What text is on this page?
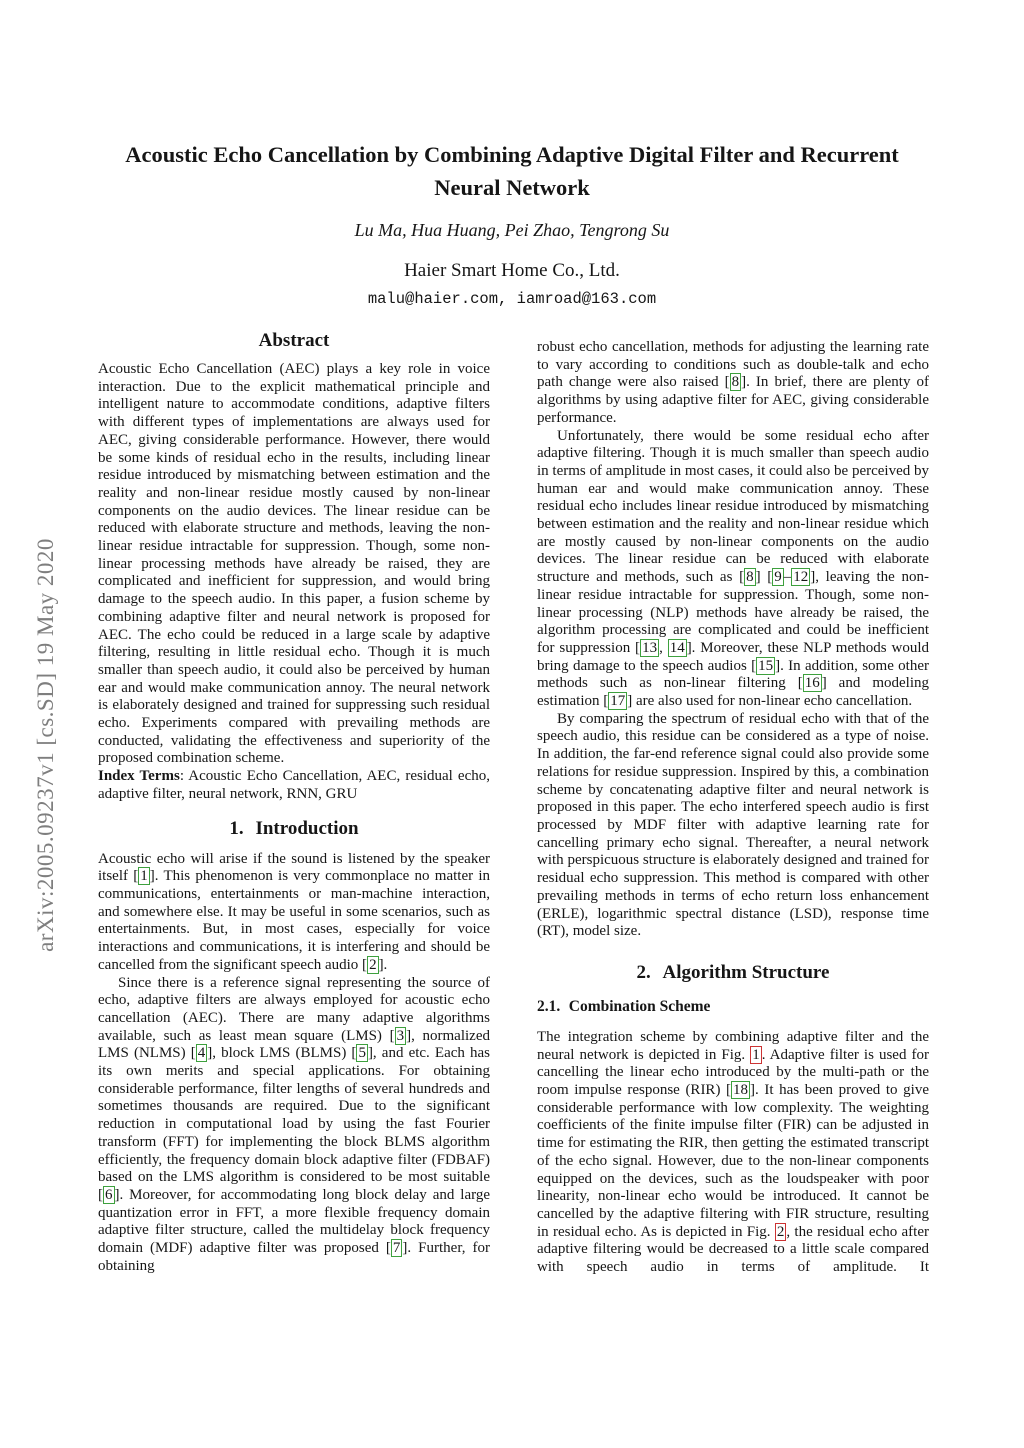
arXiv:2005.09237v1 [cs.SD] 19 May 2020
Acoustic Echo Cancellation by Combining Adaptive Digital Filter and Recurrent Neural Network
Lu Ma, Hua Huang, Pei Zhao, Tengrong Su
Haier Smart Home Co., Ltd.
malu@haier.com, iamroad@163.com
Abstract
Acoustic Echo Cancellation (AEC) plays a key role in voice interaction. Due to the explicit mathematical principle and intelligent nature to accommodate conditions, adaptive filters with different types of implementations are always used for AEC, giving considerable performance. However, there would be some kinds of residual echo in the results, including linear residue introduced by mismatching between estimation and the reality and non-linear residue mostly caused by non-linear components on the audio devices. The linear residue can be reduced with elaborate structure and methods, leaving the non-linear residue intractable for suppression. Though, some non-linear processing methods have already be raised, they are complicated and inefficient for suppression, and would bring damage to the speech audio. In this paper, a fusion scheme by combining adaptive filter and neural network is proposed for AEC. The echo could be reduced in a large scale by adaptive filtering, resulting in little residual echo. Though it is much smaller than speech audio, it could also be perceived by human ear and would make communication annoy. The neural network is elaborately designed and trained for suppressing such residual echo. Experiments compared with prevailing methods are conducted, validating the effectiveness and superiority of the proposed combination scheme.
Index Terms: Acoustic Echo Cancellation, AEC, residual echo, adaptive filter, neural network, RNN, GRU
1. Introduction
Acoustic echo will arise if the sound is listened by the speaker itself [ 1 ]. This phenomenon is very commonplace no matter in communications, entertainments or man-machine interaction, and somewhere else. It may be useful in some scenarios, such as entertainments. But, in most cases, especially for voice interactions and communications, it is interfering and should be cancelled from the significant speech audio [ 2 ].
Since there is a reference signal representing the source of echo, adaptive filters are always employed for acoustic echo cancellation (AEC). There are many adaptive algorithms available, such as least mean square (LMS) [ 3 ], normalized LMS (NLMS) [ 4 ], block LMS (BLMS) [ 5 ], and etc. Each has its own merits and special applications. For obtaining considerable performance, filter lengths of several hundreds and sometimes thousands are required. Due to the significant reduction in computational load by using the fast Fourier transform (FFT) for implementing the block BLMS algorithm efficiently, the frequency domain block adaptive filter (FDBAF) based on the LMS algorithm is considered to be most suitable [ 6 ]. Moreover, for accommodating long block delay and large quantization error in FFT, a more flexible frequency domain adaptive filter structure, called the multidelay block frequency domain (MDF) adaptive filter was proposed [ 7 ]. Further, for obtaining
robust echo cancellation, methods for adjusting the learning rate to vary according to conditions such as double-talk and echo path change were also raised [ 8 ]. In brief, there are plenty of algorithms by using adaptive filter for AEC, giving considerable performance.
Unfortunately, there would be some residual echo after adaptive filtering. Though it is much smaller than speech audio in terms of amplitude in most cases, it could also be perceived by human ear and would make communication annoy. These residual echo includes linear residue introduced by mismatching between estimation and the reality and non-linear residue which are mostly caused by non-linear components on the audio devices. The linear residue can be reduced with elaborate structure and methods, such as [ 8 ] [ 9 – 12 ], leaving the non-linear residue intractable for suppression. Though, some non-linear processing (NLP) methods have already be raised, the algorithm processing are complicated and could be inefficient for suppression [ 13 , 14 ]. Moreover, these NLP methods would bring damage to the speech audios [ 15 ]. In addition, some other methods such as non-linear filtering [ 16 ] and modeling estimation [ 17 ] are also used for non-linear echo cancellation.
By comparing the spectrum of residual echo with that of the speech audio, this residue can be considered as a type of noise. In addition, the far-end reference signal could also provide some relations for residue suppression. Inspired by this, a combination scheme by concatenating adaptive filter and neural network is proposed in this paper. The echo interfered speech audio is first processed by MDF filter with adaptive learning rate for cancelling primary echo signal. Thereafter, a neural network with perspicuous structure is elaborately designed and trained for residual echo suppression. This method is compared with other prevailing methods in terms of echo return loss enhancement (ERLE), logarithmic spectral distance (LSD), response time (RT), model size.
2. Algorithm Structure
2.1. Combination Scheme
The integration scheme by combining adaptive filter and the neural network is depicted in Fig. 1 . Adaptive filter is used for cancelling the linear echo introduced by the multi-path or the room impulse response (RIR) [ 18 ]. It has been proved to give considerable performance with low complexity. The weighting coefficients of the finite impulse filter (FIR) can be adjusted in time for estimating the RIR, then getting the estimated transcript of the echo signal. However, due to the non-linear components equipped on the devices, such as the loudspeaker with poor linearity, non-linear echo would be introduced. It cannot be cancelled by the adaptive filtering with FIR structure, resulting in residual echo. As is depicted in Fig. 2 , the residual echo after adaptive filtering would be decreased to a little scale compared with speech audio in terms of amplitude. It
